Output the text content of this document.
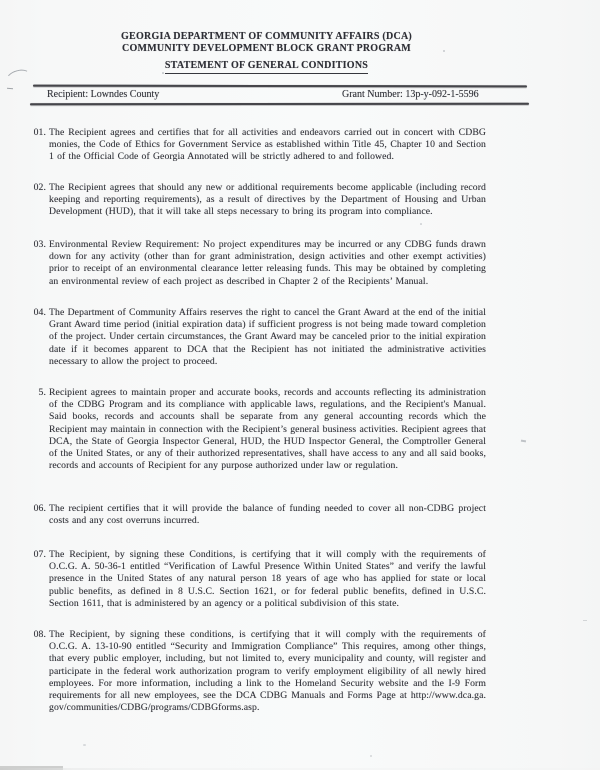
GEORGIA DEPARTMENT OF COMMUNITY AFFAIRS (DCA)
COMMUNITY DEVELOPMENT BLOCK GRANT PROGRAM
STATEMENT OF GENERAL CONDITIONS
Recipient: Lowndes County	Grant Number: 13p-y-092-1-5596
01. The Recipient agrees and certifies that for all activities and endeavors carried out in concert with CDBG monies, the Code of Ethics for Government Service as established within Title 45, Chapter 10 and Section 1 of the Official Code of Georgia Annotated will be strictly adhered to and followed.

02. The Recipient agrees that should any new or additional requirements become applicable (including record keeping and reporting requirements), as a result of directives by the Department of Housing and Urban Development (HUD), that it will take all steps necessary to bring its program into compliance.

03. Environmental Review Requirement: No project expenditures may be incurred or any CDBG funds drawn down for any activity (other than for grant administration, design activities and other exempt activities) prior to receipt of an environmental clearance letter releasing funds. This may be obtained by completing an environmental review of each project as described in Chapter 2 of the Recipients’ Manual.

04. The Department of Community Affairs reserves the right to cancel the Grant Award at the end of the initial Grant Award time period (initial expiration data) if sufficient progress is not being made toward completion of the project. Under certain circumstances, the Grant Award may be canceled prior to the initial expiration date if it becomes apparent to DCA that the Recipient has not initiated the administrative activities necessary to allow the project to proceed.

5. Recipient agrees to maintain proper and accurate books, records and accounts reflecting its administration of the CDBG Program and its compliance with applicable laws, regulations, and the Recipient's Manual. Said books, records and accounts shall be separate from any general accounting records which the Recipient may maintain in connection with the Recipient’s general business activities. Recipient agrees that DCA, the State of Georgia Inspector General, HUD, the HUD Inspector General, the Comptroller General of the United States, or any of their authorized representatives, shall have access to any and all said books, records and accounts of Recipient for any purpose authorized under law or regulation.

06. The recipient certifies that it will provide the balance of funding needed to cover all non-CDBG project costs and any cost overruns incurred.

07. The Recipient, by signing these Conditions, is certifying that it will comply with the requirements of O.C.G. A. 50-36-1 entitled “Verification of Lawful Presence Within United States” and verify the lawful presence in the United States of any natural person 18 years of age who has applied for state or local public benefits, as defined in 8 U.S.C. Section 1621, or for federal public benefits, defined in U.S.C. Section 1611, that is administered by an agency or a political subdivision of this state.

08. The Recipient, by signing these conditions, is certifying that it will comply with the requirements of O.C.G. A. 13-10-90 entitled “Security and Immigration Compliance” This requires, among other things, that every public employer, including, but not limited to, every municipality and county, will register and participate in the federal work authorization program to verify employment eligibility of all newly hired employees. For more information, including a link to the Homeland Security website and the I-9 Form requirements for all new employees, see the DCA CDBG Manuals and Forms Page at http://www.dca.ga. gov/communities/CDBG/programs/CDBGforms.asp.
